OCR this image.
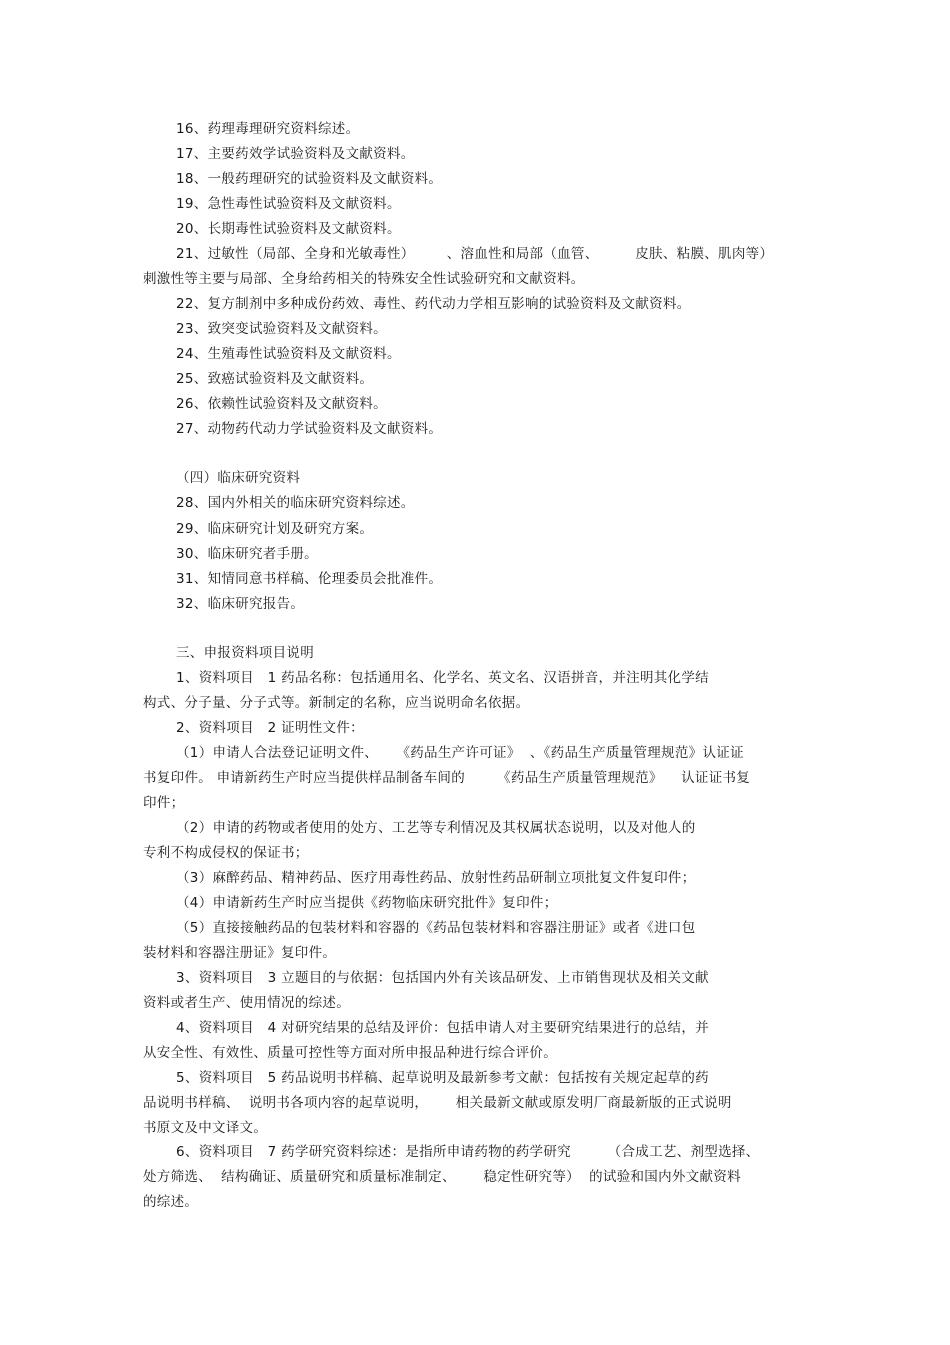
16、药理毒理研究资料综述。
17、主要药效学试验资料及文献资料。
18、一般药理研究的试验资料及文献资料。
19、急性毒性试验资料及文献资料。
20、长期毒性试验资料及文献资料。
21、过敏性（局部、全身和光敏毒性）       、溶血性和局部（血管、        皮肤、粘膜、肌肉等）
刺激性等主要与局部、全身给药相关的特殊安全性试验研究和文献资料。
22、复方制剂中多种成份药效、毒性、药代动力学相互影响的试验资料及文献资料。
23、致突变试验资料及文献资料。
24、生殖毒性试验资料及文献资料。
25、致癌试验资料及文献资料。
26、依赖性试验资料及文献资料。
27、动物药代动力学试验资料及文献资料。
（四）临床研究资料
28、国内外相关的临床研究资料综述。
29、临床研究计划及研究方案。
30、临床研究者手册。
31、知情同意书样稿、伦理委员会批准件。
32、临床研究报告。
三、申报资料项目说明
1、资料项目   1 药品名称：包括通用名、化学名、英文名、汉语拼音，并注明其化学结
构式、分子量、分子式等。新制定的名称，应当说明命名依据。
2、资料项目   2 证明性文件：
（1）申请人合法登记证明文件、    《药品生产许可证》  、《药品生产质量管理规范》认证证
书复印件。 申请新药生产时应当提供样品制备车间的       《药品生产质量管理规范》    认证证书复
印件；
（2）申请的药物或者使用的处方、工艺等专利情况及其权属状态说明，以及对他人的
专利不构成侵权的保证书；
（3）麻醉药品、精神药品、医疗用毒性药品、放射性药品研制立项批复文件复印件；
（4）申请新药生产时应当提供《药物临床研究批件》复印件；
（5）直接接触药品的包装材料和容器的《药品包装材料和容器注册证》或者《进口包
装材料和容器注册证》复印件。
3、资料项目   3 立题目的与依据：包括国内外有关该品研发、上市销售现状及相关文献
资料或者生产、使用情况的综述。
4、资料项目   4 对研究结果的总结及评价：包括申请人对主要研究结果进行的总结，并
从安全性、有效性、质量可控性等方面对所申报品种进行综合评价。
5、资料项目   5 药品说明书样稿、起草说明及最新参考文献：包括按有关规定起草的药
品说明书样稿、  说明书各项内容的起草说明，      相关最新文献或原发明厂商最新版的正式说明
书原文及中文译文。
6、资料项目   7 药学研究资料综述：是指所申请药物的药学研究        （合成工艺、剂型选择、
处方筛选、  结构确证、质量研究和质量标准制定、      稳定性研究等）  的试验和国内外文献资料
的综述。
